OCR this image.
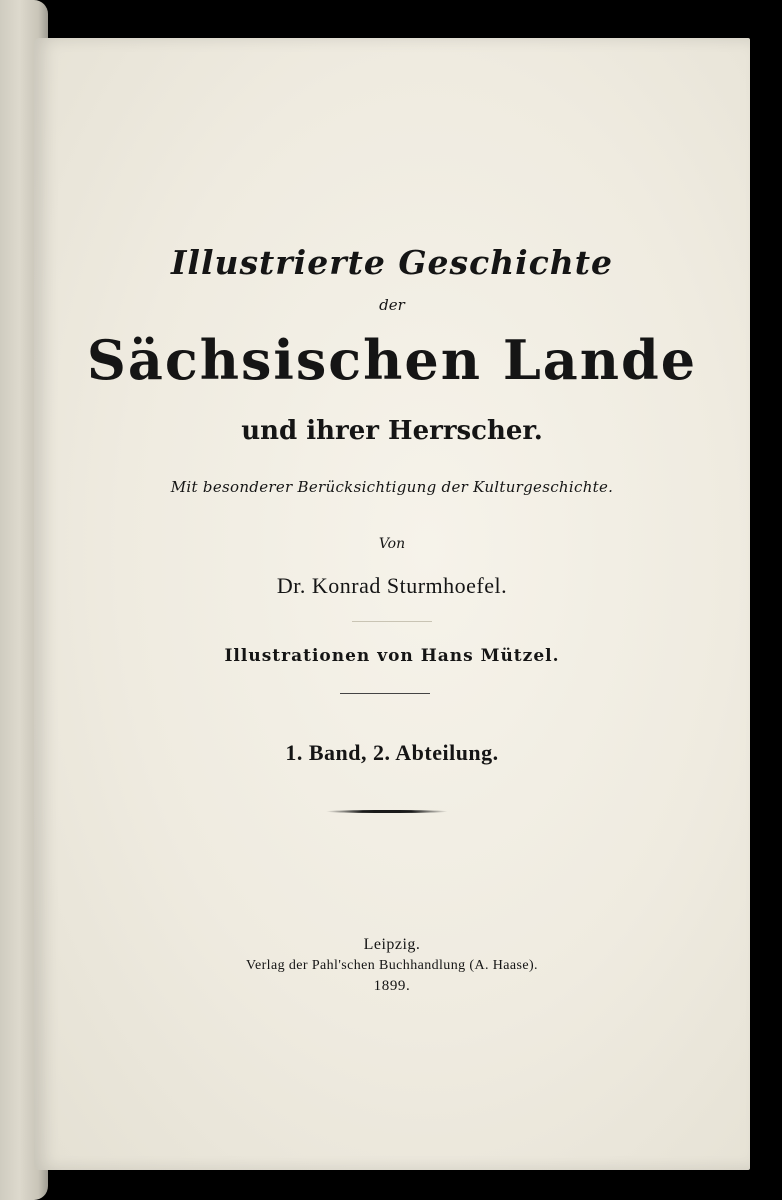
Illustrierte Geschichte
der
Sächsischen Lande
und ihrer Herrscher.
Mit besonderer Berücksichtigung der Kulturgeschichte.
Von
Dr. Konrad Sturmhoefel.
Illustrationen von Hans Mützel.
1. Band, 2. Abteilung.
Leipzig.
Verlag der Pahl'schen Buchhandlung (A. Haase).
1899.
